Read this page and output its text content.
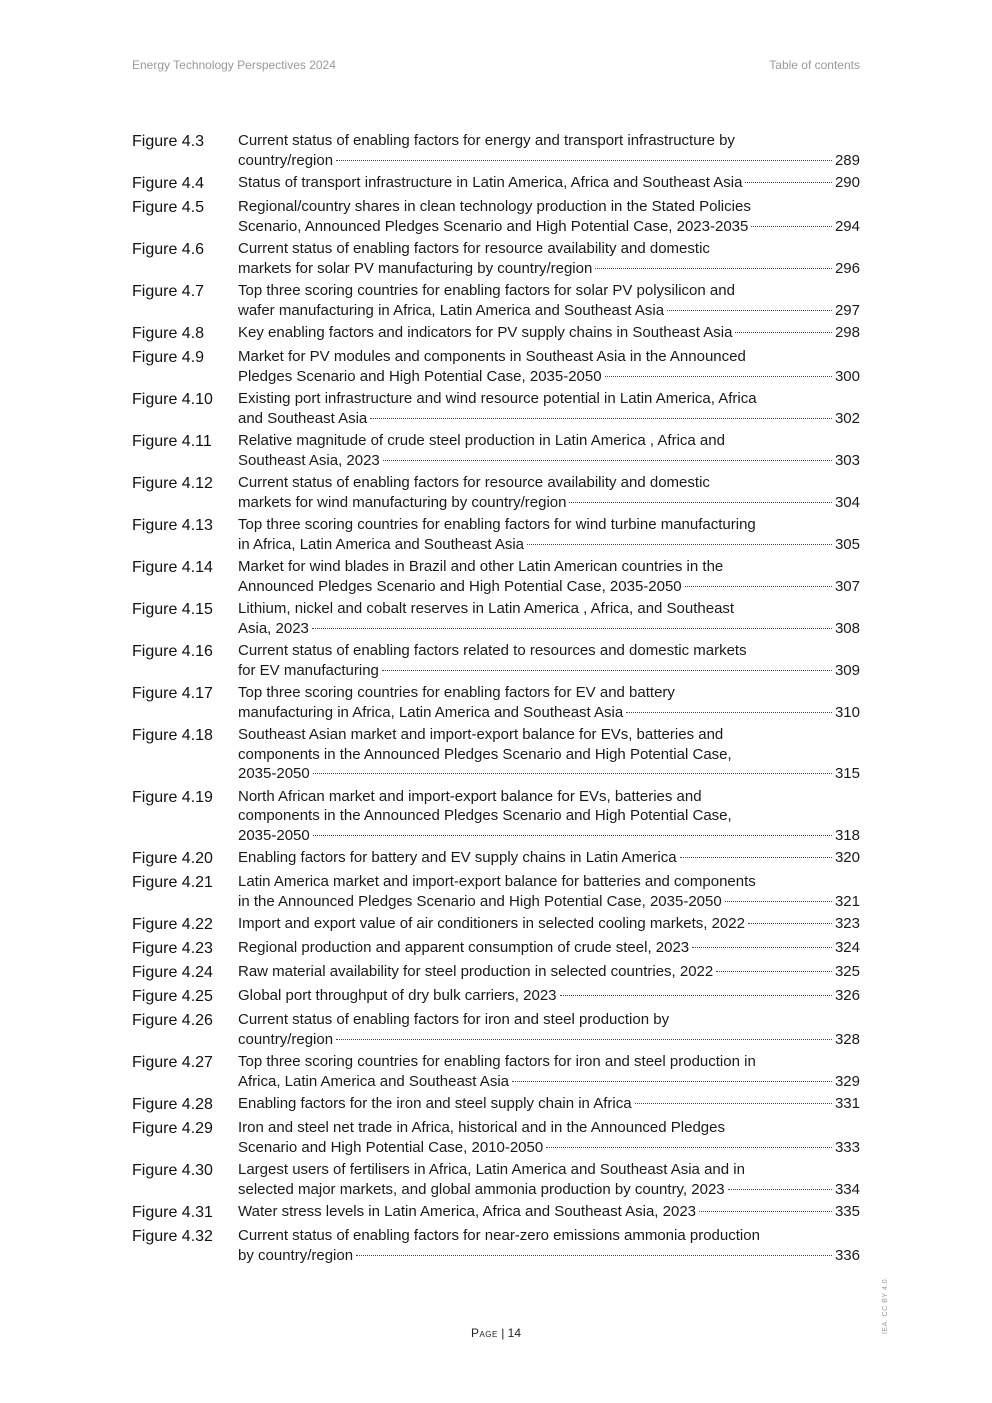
Energy Technology Perspectives 2024	Table of contents
Figure 4.3	Current status of enabling factors for energy and transport infrastructure by
country/region	289
Figure 4.4	Status of transport infrastructure in Latin America, Africa and Southeast Asia	290
Figure 4.5	Regional/country shares in clean technology production in the Stated Policies
Scenario, Announced Pledges Scenario and High Potential Case, 2023-2035	294
Figure 4.6	Current status of enabling factors for resource availability and domestic
markets for solar PV manufacturing by country/region	296
Figure 4.7	Top three scoring countries for enabling factors for solar PV polysilicon and
wafer manufacturing in Africa, Latin America and Southeast Asia	297
Figure 4.8	Key enabling factors and indicators for PV supply chains in Southeast Asia	298
Figure 4.9	Market for PV modules and components in Southeast Asia in the Announced
Pledges Scenario and High Potential Case, 2035-2050	300
Figure 4.10	Existing port infrastructure and wind resource potential in Latin America, Africa
and Southeast Asia	302
Figure 4.11	Relative magnitude of crude steel production in Latin America , Africa and
Southeast Asia, 2023	303
Figure 4.12	Current status of enabling factors for resource availability and domestic
markets for wind manufacturing by country/region	304
Figure 4.13	Top three scoring countries for enabling factors for wind turbine manufacturing
in Africa, Latin America and Southeast Asia	305
Figure 4.14	Market for wind blades in Brazil and other Latin American countries in the
Announced Pledges Scenario and High Potential Case, 2035-2050	307
Figure 4.15	Lithium, nickel and cobalt reserves in Latin America , Africa, and Southeast
Asia, 2023	308
Figure 4.16	Current status of enabling factors related to resources and domestic markets
for EV manufacturing	309
Figure 4.17	Top three scoring countries for enabling factors for EV and battery
manufacturing in Africa, Latin America and Southeast Asia	310
Figure 4.18	Southeast Asian market and import-export balance for EVs, batteries and
components in the Announced Pledges Scenario and High Potential Case,
2035-2050	315
Figure 4.19	North African market and import-export balance for EVs, batteries and
components in the Announced Pledges Scenario and High Potential Case,
2035-2050	318
Figure 4.20	Enabling factors for battery and EV supply chains in Latin America	320
Figure 4.21	Latin America market and import-export balance for batteries and components
in the Announced Pledges Scenario and High Potential Case, 2035-2050	321
Figure 4.22	Import and export value of air conditioners in selected cooling markets, 2022	323
Figure 4.23	Regional production and apparent consumption of crude steel, 2023	324
Figure 4.24	Raw material availability for steel production in selected countries, 2022	325
Figure 4.25	Global port throughput of dry bulk carriers, 2023	326
Figure 4.26	Current status of enabling factors for iron and steel production by
country/region	328
Figure 4.27	Top three scoring countries for enabling factors for iron and steel production in
Africa, Latin America and Southeast Asia	329
Figure 4.28	Enabling factors for the iron and steel supply chain in Africa	331
Figure 4.29	Iron and steel net trade in Africa, historical and in the Announced Pledges
Scenario and High Potential Case, 2010-2050	333
Figure 4.30	Largest users of fertilisers in Africa, Latin America and Southeast Asia and in
selected major markets, and global ammonia production by country, 2023	334
Figure 4.31	Water stress levels in Latin America, Africa and Southeast Asia, 2023	335
Figure 4.32	Current status of enabling factors for near-zero emissions ammonia production
by country/region	336
Page | 14	IEA. CC BY 4.0.
